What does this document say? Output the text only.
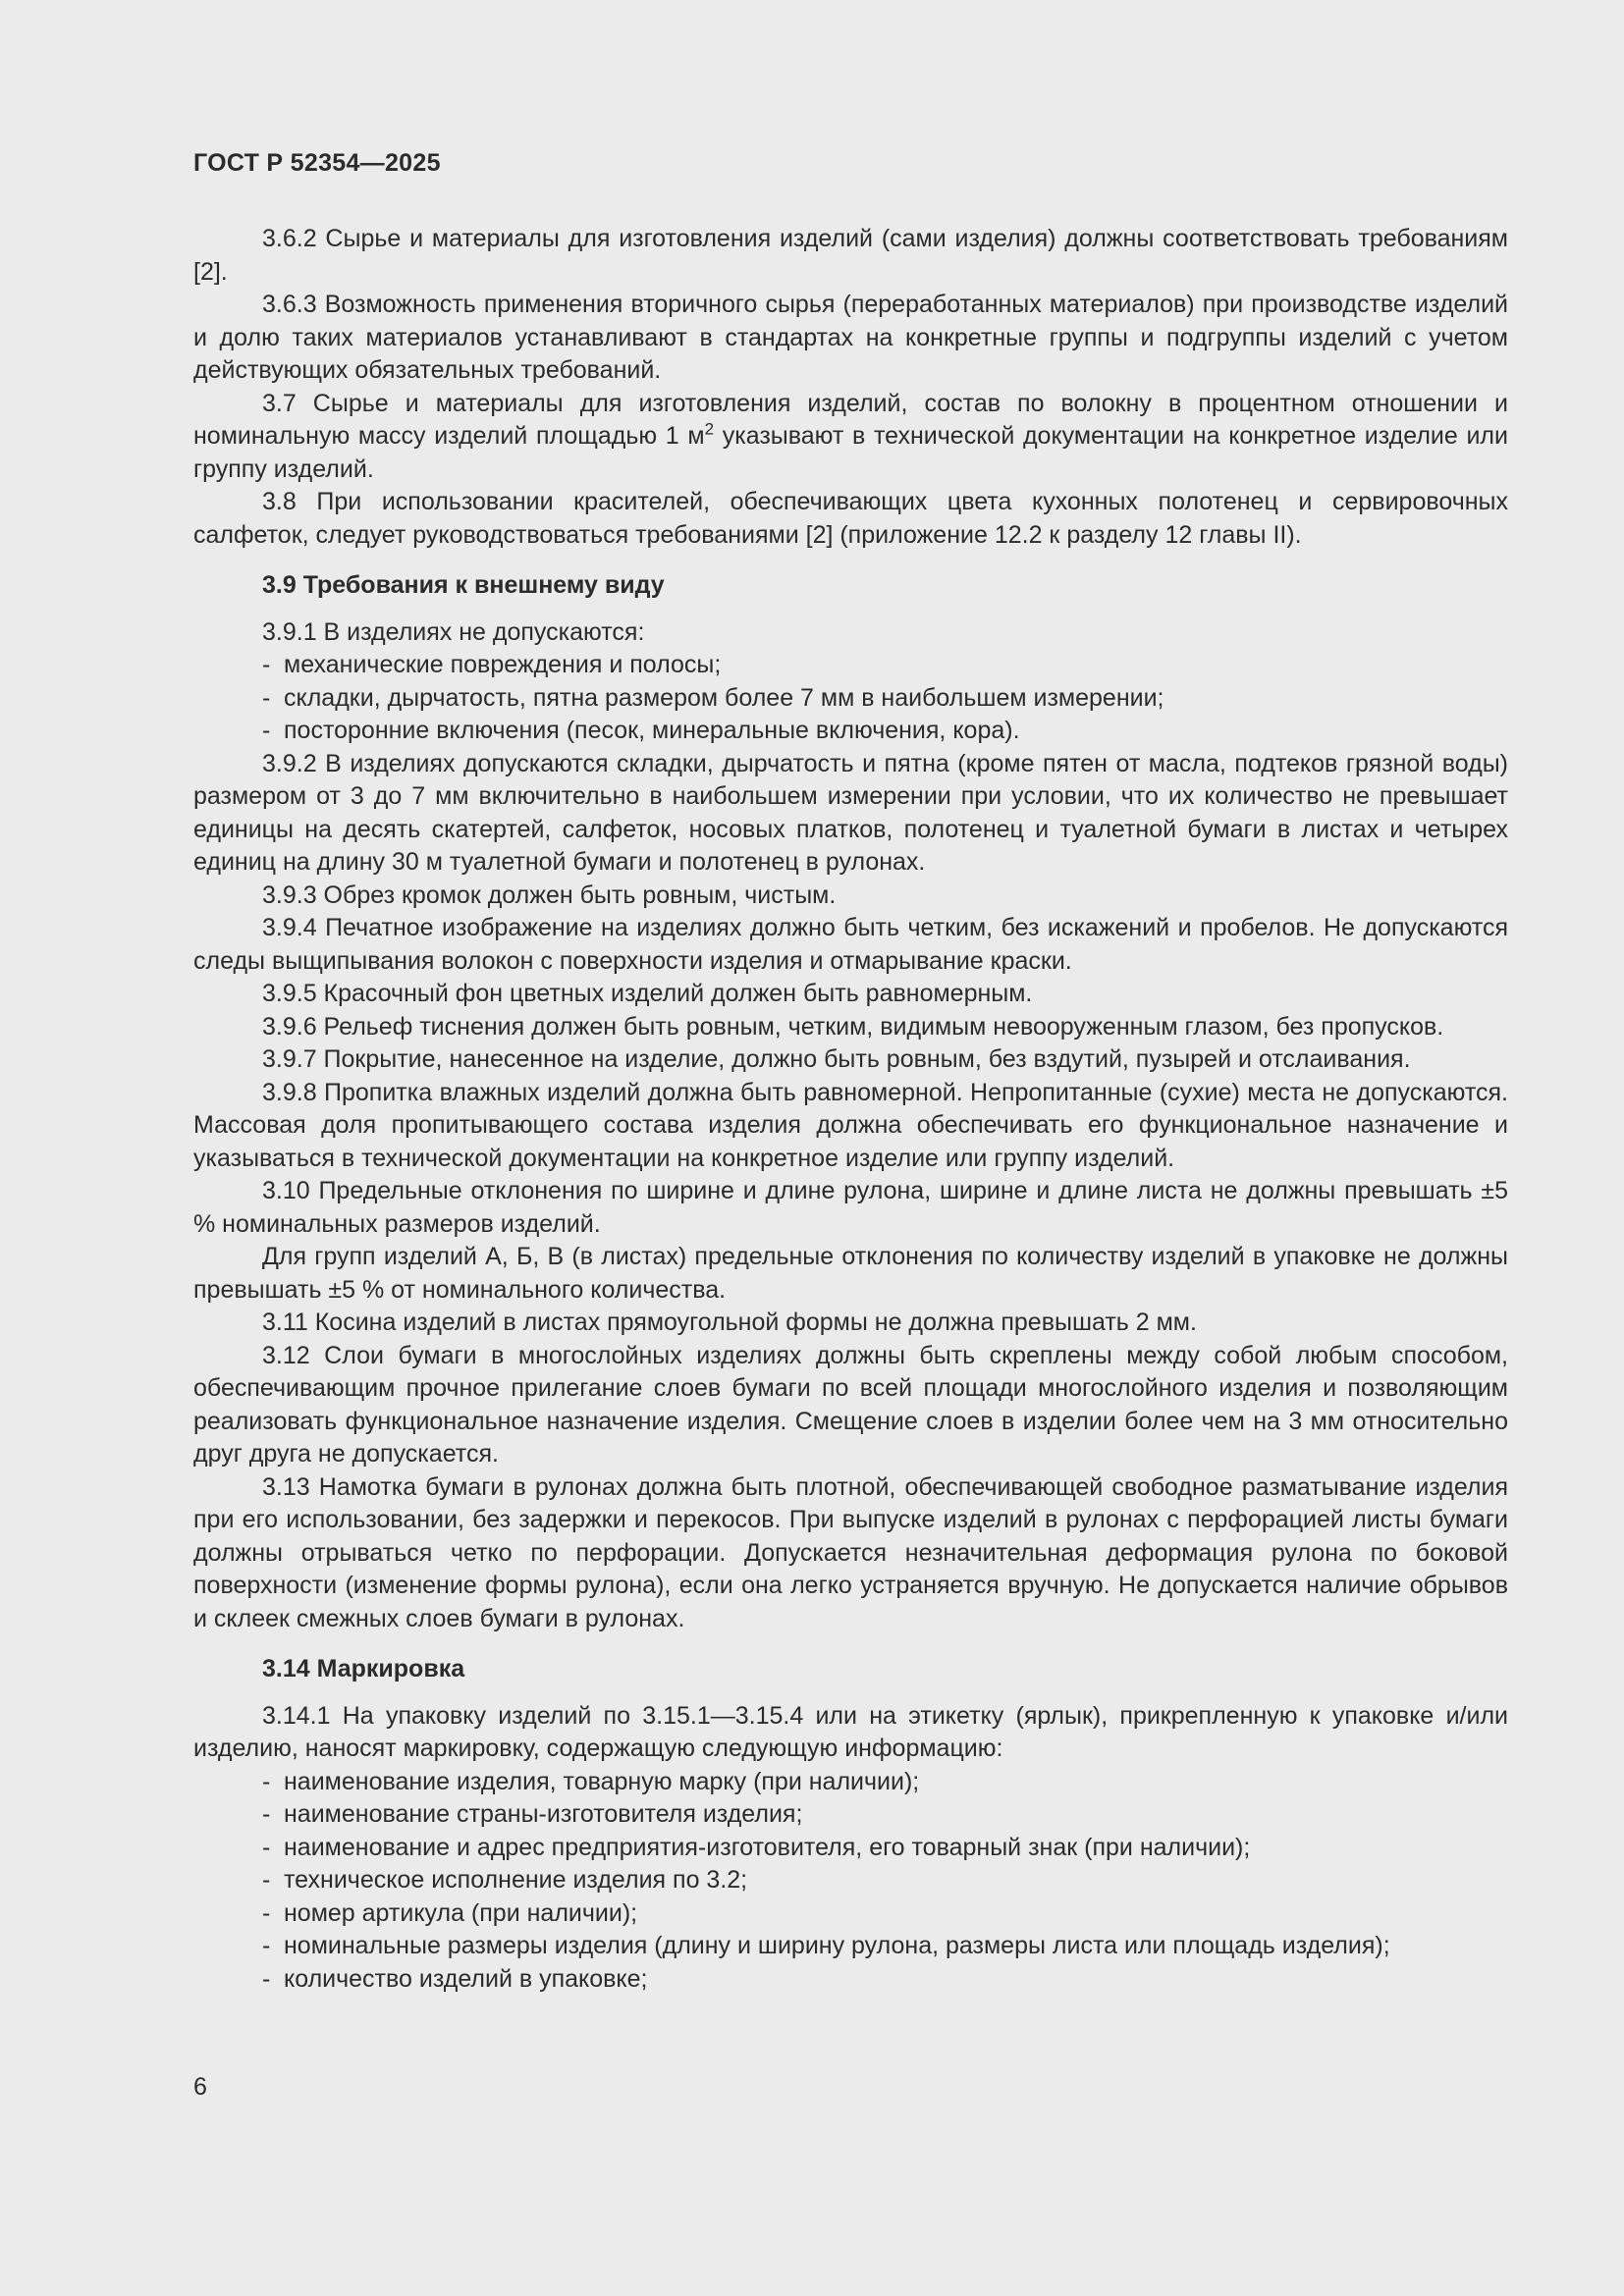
ГОСТ Р 52354—2025

3.6.2 Сырье и материалы для изготовления изделий (сами изделия) должны соответствовать требованиям [2].

3.6.3 Возможность применения вторичного сырья (переработанных материалов) при производстве изделий и долю таких материалов устанавливают в стандартах на конкретные группы и подгруппы изделий с учетом действующих обязательных требований.

3.7 Сырье и материалы для изготовления изделий, состав по волокну в процентном отношении и номинальную массу изделий площадью 1 $м^2$ указывают в технической документации на конкретное изделие или группу изделий.

3.8 При использовании красителей, обеспечивающих цвета кухонных полотенец и сервировочных салфеток, следует руководствоваться требованиями [2] (приложение 12.2 к разделу 12 главы II).

3.9 Требования к внешнему виду

3.9.1 В изделиях не допускаются:

- механические повреждения и полосы;
- складки, дырчатость, пятна размером более 7 мм в наибольшем измерении;
- посторонние включения (песок, минеральные включения, кора).

3.9.2 В изделиях допускаются складки, дырчатость и пятна (кроме пятен от масла, подтеков грязной воды) размером от 3 до 7 мм включительно в наибольшем измерении при условии, что их количество не превышает единицы на десять скатертей, салфеток, носовых платков, полотенец и туалетной бумаги в листах и четырех единиц на длину 30 м туалетной бумаги и полотенец в рулонах.

3.9.3 Обрез кромок должен быть ровным, чистым.

3.9.4 Печатное изображение на изделиях должно быть четким, без искажений и пробелов. Не допускаются следы выщипывания волокон с поверхности изделия и отмарывание краски.

3.9.5 Красочный фон цветных изделий должен быть равномерным.

3.9.6 Рельеф тиснения должен быть ровным, четким, видимым невооруженным глазом, без пропусков.

3.9.7 Покрытие, нанесенное на изделие, должно быть ровным, без вздутий, пузырей и отслаивания.

3.9.8 Пропитка влажных изделий должна быть равномерной. Непропитанные (сухие) места не допускаются. Массовая доля пропитывающего состава изделия должна обеспечивать его функциональное назначение и указываться в технической документации на конкретное изделие или группу изделий.

3.10 Предельные отклонения по ширине и длине рулона, ширине и длине листа не должны превышать ±5 % номинальных размеров изделий.

Для групп изделий А, Б, В (в листах) предельные отклонения по количеству изделий в упаковке не должны превышать ±5 % от номинального количества.

3.11 Косина изделий в листах прямоугольной формы не должна превышать 2 мм.

3.12 Слои бумаги в многослойных изделиях должны быть скреплены между собой любым способом, обеспечивающим прочное прилегание слоев бумаги по всей площади многослойного изделия и позволяющим реализовать функциональное назначение изделия. Смещение слоев в изделии более чем на 3 мм относительно друг друга не допускается.

3.13 Намотка бумаги в рулонах должна быть плотной, обеспечивающей свободное разматывание изделия при его использовании, без задержки и перекосов. При выпуске изделий в рулонах с перфорацией листы бумаги должны отрываться четко по перфорации. Допускается незначительная деформация рулона по боковой поверхности (изменение формы рулона), если она легко устраняется вручную. Не допускается наличие обрывов и склеек смежных слоев бумаги в рулонах.

3.14 Маркировка

3.14.1 На упаковку изделий по 3.15.1—3.15.4 или на этикетку (ярлык), прикрепленную к упаковке и/или изделию, наносят маркировку, содержащую следующую информацию:

- наименование изделия, товарную марку (при наличии);
- наименование страны-изготовителя изделия;
- наименование и адрес предприятия-изготовителя, его товарный знак (при наличии);
- техническое исполнение изделия по 3.2;
- номер артикула (при наличии);
- номинальные размеры изделия (длину и ширину рулона, размеры листа или площадь изделия);
- количество изделий в упаковке;
6
